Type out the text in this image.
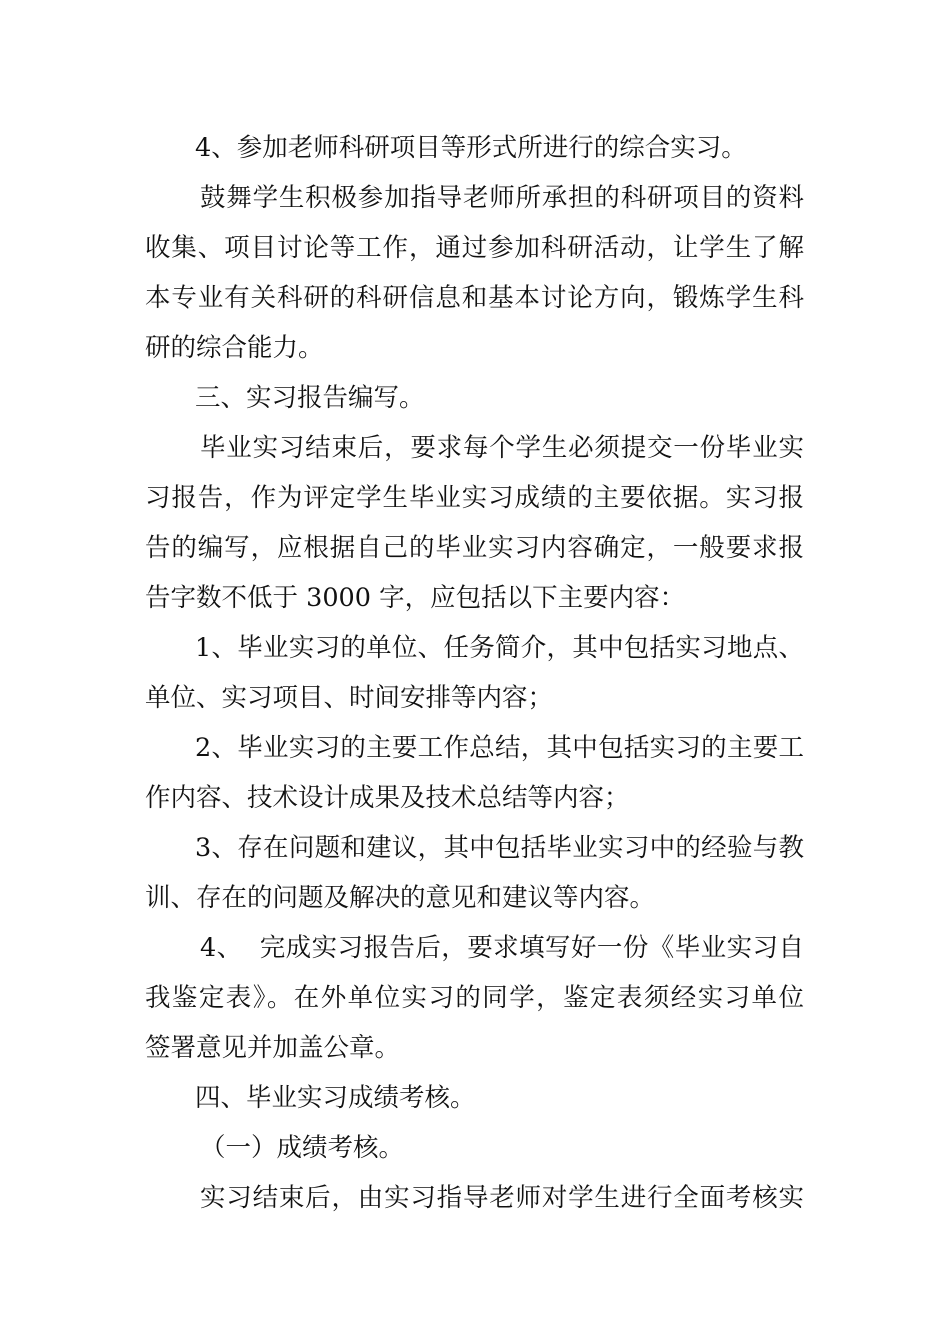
4、参加老师科研项目等形式所进行的综合实习。
鼓舞学生积极参加指导老师所承担的科研项目的资料
收集、项目讨论等工作，通过参加科研活动，让学生了解
本专业有关科研的科研信息和基本讨论方向，锻炼学生科
研的综合能力。
三、实习报告编写。
毕业实习结束后，要求每个学生必须提交一份毕业实
习报告，作为评定学生毕业实习成绩的主要依据。实习报
告的编写，应根据自己的毕业实习内容确定，一般要求报
告字数不低于 3000 字，应包括以下主要内容：
1、毕业实习的单位、任务简介，其中包括实习地点、
单位、实习项目、时间安排等内容；
2、毕业实习的主要工作总结，其中包括实习的主要工
作内容、技术设计成果及技术总结等内容；
3、存在问题和建议，其中包括毕业实习中的经验与教
训、存在的问题及解决的意见和建议等内容。
4、  完成实习报告后，要求填写好一份《毕业实习自
我鉴定表》。在外单位实习的同学，鉴定表须经实习单位
签署意见并加盖公章。
四、毕业实习成绩考核。
（一）成绩考核。
实习结束后，由实习指导老师对学生进行全面考核实
